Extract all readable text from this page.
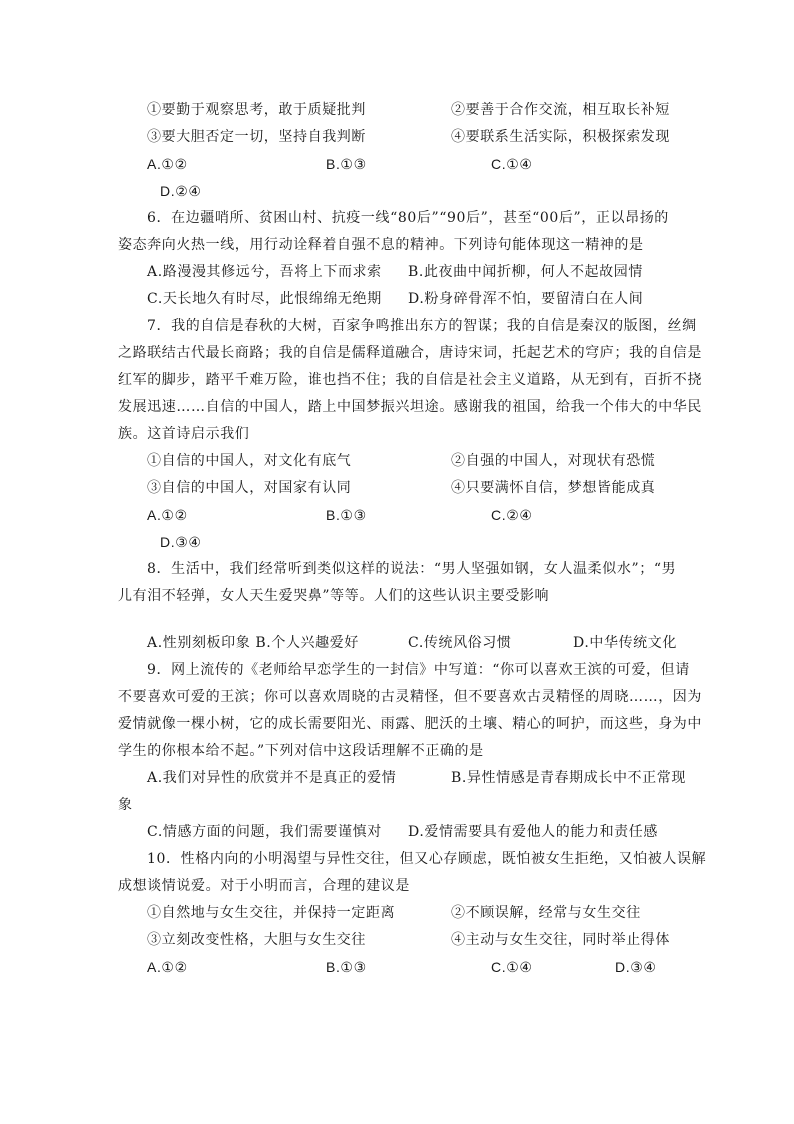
①要勤于观察思考，敢于质疑批判	②要善于合作交流，相互取长补短
③要大胆否定一切，坚持自我判断	④要联系生活实际，积极探索发现
A.①②	B.①③	C.①④
D.②④
6．在边疆哨所、贫困山村、抗疫一线“80后”“90后”，甚至“00后”，正以昂扬的
姿态奔向火热一线，用行动诠释着自强不息的精神。下列诗句能体现这一精神的是
A.路漫漫其修远兮，吾将上下而求索 B.此夜曲中闻折柳，何人不起故园情
C.天长地久有时尽，此恨绵绵无绝期 D.粉身碎骨浑不怕，要留清白在人间
7．我的自信是春秋的大树，百家争鸣推出东方的智谋；我的自信是秦汉的版图，丝绸
之路联结古代最长商路；我的自信是儒释道融合，唐诗宋词，托起艺术的穹庐；我的自信是
红军的脚步，踏平千难万险，谁也挡不住；我的自信是社会主义道路，从无到有，百折不挠
发展迅速……自信的中国人，踏上中国梦振兴坦途。感谢我的祖国，给我一个伟大的中华民
族。这首诗启示我们
①自信的中国人，对文化有底气	②自强的中国人，对现状有恐慌
③自信的中国人，对国家有认同	④只要满怀自信，梦想皆能成真
A.①②	B.①③	C.②④
D.③④
8．生活中，我们经常听到类似这样的说法：“男人坚强如钢，女人温柔似水”；“男
儿有泪不轻弹，女人天生爱哭鼻”等等。人们的这些认识主要受影响
A.性别刻板印象 B.个人兴趣爱好	C.传统风俗习惯	D.中华传统文化
9．网上流传的《老师给早恋学生的一封信》中写道：“你可以喜欢王滨的可爱，但请
不要喜欢可爱的王滨；你可以喜欢周晓的古灵精怪，但不要喜欢古灵精怪的周晓……，因为
爱情就像一棵小树，它的成长需要阳光、雨露、肥沃的土壤、精心的呵护，而这些，身为中
学生的你根本给不起。”下列对信中这段话理解不正确的是
A.我们对异性的欣赏并不是真正的爱情	B.异性情感是青春期成长中不正常现
象
C.情感方面的问题，我们需要谨慎对 D.爱情需要具有爱他人的能力和责任感
10．性格内向的小明渴望与异性交往，但又心存顾虑，既怕被女生拒绝，又怕被人误解
成想谈情说爱。对于小明而言，合理的建议是
①自然地与女生交往，并保持一定距离	②不顾误解，经常与女生交往
③立刻改变性格，大胆与女生交往	④主动与女生交往，同时举止得体
A.①②	B.①③	C.①④	D.③④
